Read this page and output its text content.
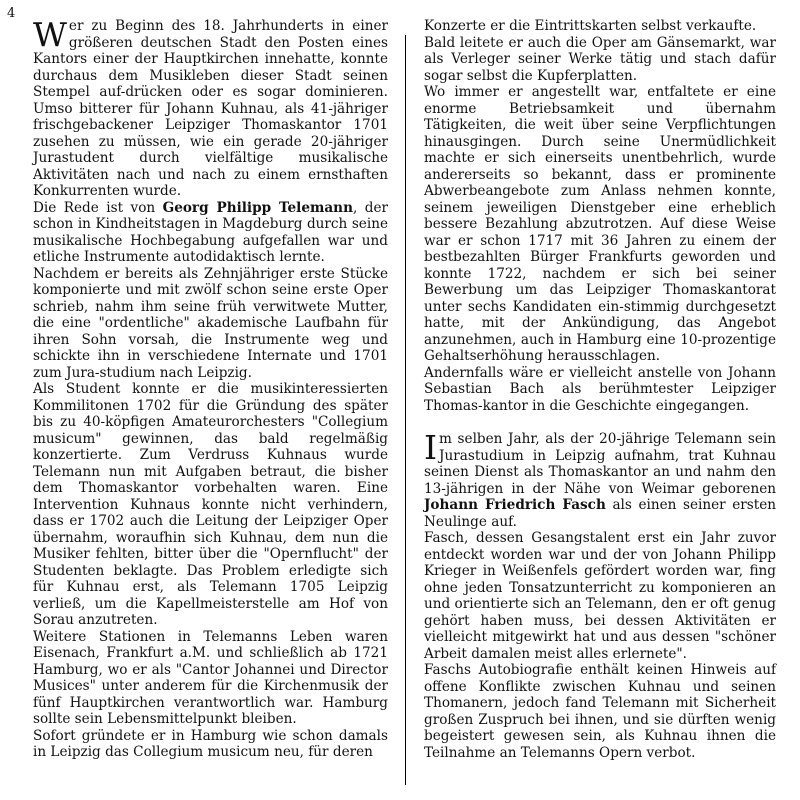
4

Wer zu Beginn des 18. Jahrhunderts in einer größeren deutschen Stadt den Posten eines Kantors einer der Hauptkirchen innehatte, konnte durchaus dem Musikleben dieser Stadt seinen Stempel auf-drücken oder es sogar dominieren. Umso bitterer für Johann Kuhnau, als 41-jähriger frischgebackener Leipziger Thomaskantor 1701 zusehen zu müssen, wie ein gerade 20-jähriger Jurastudent durch vielfältige musikalische Aktivitäten nach und nach zu einem ernsthaften Konkurrenten wurde.

Die Rede ist von Georg Philipp Telemann, der schon in Kindheitstagen in Magdeburg durch seine musikalische Hochbegabung aufgefallen war und etliche Instrumente autodidaktisch lernte.

Nachdem er bereits als Zehnjähriger erste Stücke komponierte und mit zwölf schon seine erste Oper schrieb, nahm ihm seine früh verwitwete Mutter, die eine "ordentliche" akademische Laufbahn für ihren Sohn vorsah, die Instrumente weg und schickte ihn in verschiedene Internate und 1701 zum Jura-studium nach Leipzig.

Als Student konnte er die musikinteressierten Kommilitonen 1702 für die Gründung des später bis zu 40-köpfigen Amateurorchesters "Collegium musicum" gewinnen, das bald regelmäßig konzertierte. Zum Verdruss Kuhnaus wurde Telemann nun mit Aufgaben betraut, die bisher dem Thomaskantor vorbehalten waren. Eine Intervention Kuhnaus konnte nicht verhindern, dass er 1702 auch die Leitung der Leipziger Oper übernahm, woraufhin sich Kuhnau, dem nun die Musiker fehlten, bitter über die "Opernflucht" der Studenten beklagte. Das Problem erledigte sich für Kuhnau erst, als Telemann 1705 Leipzig verließ, um die Kapellmeisterstelle am Hof von Sorau anzutreten.

Weitere Stationen in Telemanns Leben waren Eisenach, Frankfurt a.M. und schließlich ab 1721 Hamburg, wo er als "Cantor Johannei und Director Musices" unter anderem für die Kirchenmusik der fünf Hauptkirchen verantwortlich war. Hamburg sollte sein Lebensmittelpunkt bleiben.

Sofort gründete er in Hamburg wie schon damals in Leipzig das Collegium musicum neu, für deren

Konzerte er die Eintrittskarten selbst verkaufte.

Bald leitete er auch die Oper am Gänsemarkt, war als Verleger seiner Werke tätig und stach dafür sogar selbst die Kupferplatten.

Wo immer er angestellt war, entfaltete er eine enorme Betriebsamkeit und übernahm Tätigkeiten, die weit über seine Verpflichtungen hinausgingen. Durch seine Unermüdlichkeit machte er sich einerseits unentbehrlich, wurde andererseits so bekannt, dass er prominente Abwerbeangebote zum Anlass nehmen konnte, seinem jeweiligen Dienstgeber eine erheblich bessere Bezahlung abzutrotzen. Auf diese Weise war er schon 1717 mit 36 Jahren zu einem der bestbezahlten Bürger Frankfurts geworden und konnte 1722, nachdem er sich bei seiner Bewerbung um das Leipziger Thomaskantorat unter sechs Kandidaten ein-stimmig durchgesetzt hatte, mit der Ankündigung, das Angebot anzunehmen, auch in Hamburg eine 10-prozentige Gehaltserhöhung herausschlagen.

Andernfalls wäre er vielleicht anstelle von Johann Sebastian Bach als berühmtester Leipziger Thomas-kantor in die Geschichte eingegangen.

Im selben Jahr, als der 20-jährige Telemann sein Jurastudium in Leipzig aufnahm, trat Kuhnau seinen Dienst als Thomaskantor an und nahm den 13-jährigen in der Nähe von Weimar geborenen Johann Friedrich Fasch als einen seiner ersten Neulinge auf.

Fasch, dessen Gesangstalent erst ein Jahr zuvor entdeckt worden war und der von Johann Philipp Krieger in Weißenfels gefördert worden war, fing ohne jeden Tonsatzunterricht zu komponieren an und orientierte sich an Telemann, den er oft genug gehört haben muss, bei dessen Aktivitäten er vielleicht mitgewirkt hat und aus dessen "schöner Arbeit damalen meist alles erlernete".

Faschs Autobiografie enthält keinen Hinweis auf offene Konflikte zwischen Kuhnau und seinen Thomanern, jedoch fand Telemann mit Sicherheit großen Zuspruch bei ihnen, und sie dürften wenig begeistert gewesen sein, als Kuhnau ihnen die Teilnahme an Telemanns Opern verbot.
